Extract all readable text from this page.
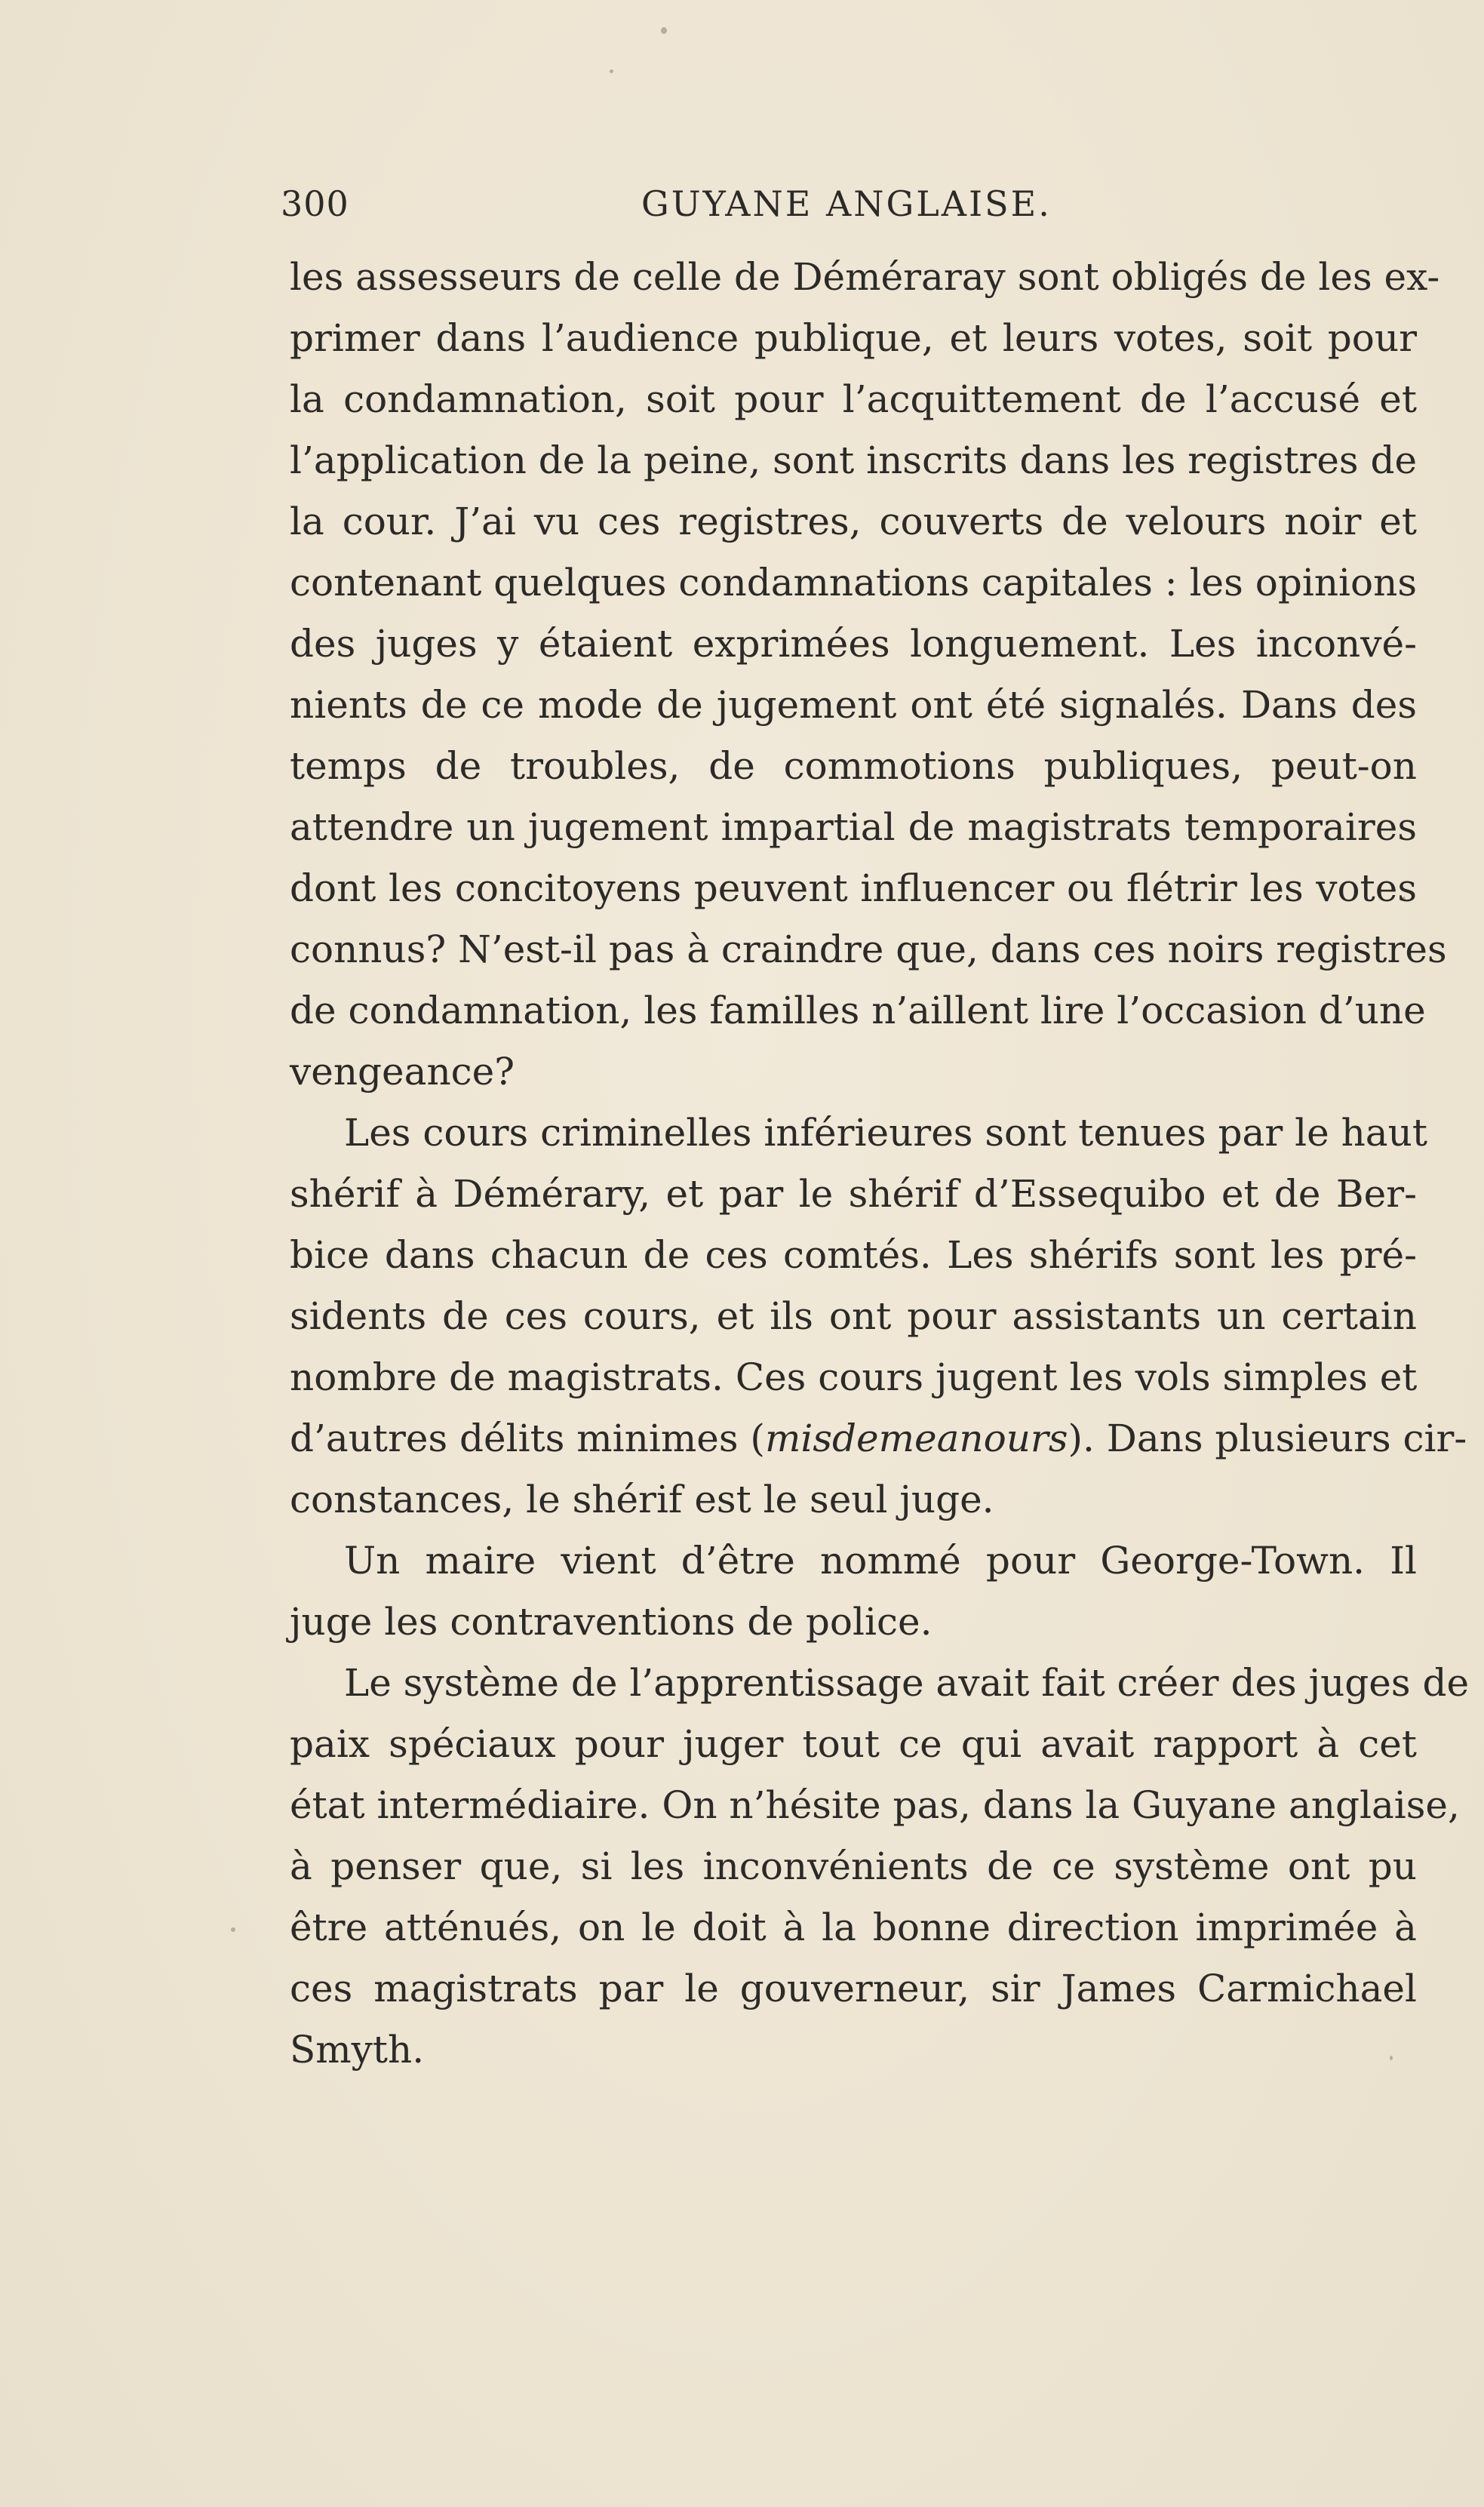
300	GUYANE ANGLAISE.
les assesseurs de celle de Déméraray sont obligés de les ex-
primer dans l’audience publique, et leurs votes, soit pour
la condamnation, soit pour l’acquittement de l’accusé et
l’application de la peine, sont inscrits dans les registres de
la cour. J’ai vu ces registres, couverts de velours noir et
contenant quelques condamnations capitales : les opinions
des juges y étaient exprimées longuement. Les inconvé-
nients de ce mode de jugement ont été signalés. Dans des
temps de troubles, de commotions publiques, peut-on
attendre un jugement impartial de magistrats temporaires
dont les concitoyens peuvent influencer ou flétrir les votes
connus? N’est-il pas à craindre que, dans ces noirs registres
de condamnation, les familles n’aillent lire l’occasion d’une
vengeance?
Les cours criminelles inférieures sont tenues par le haut
shérif à Démérary, et par le shérif d’Essequibo et de Ber-
bice dans chacun de ces comtés. Les shérifs sont les pré-
sidents de ces cours, et ils ont pour assistants un certain
nombre de magistrats. Ces cours jugent les vols simples et
d’autres délits minimes (misdemeanours). Dans plusieurs cir-
constances, le shérif est le seul juge.
Un maire vient d’être nommé pour George-Town. Il
juge les contraventions de police.
Le système de l’apprentissage avait fait créer des juges de
paix spéciaux pour juger tout ce qui avait rapport à cet
état intermédiaire. On n’hésite pas, dans la Guyane anglaise,
à penser que, si les inconvénients de ce système ont pu
être atténués, on le doit à la bonne direction imprimée à
ces magistrats par le gouverneur, sir James Carmichael
Smyth.
